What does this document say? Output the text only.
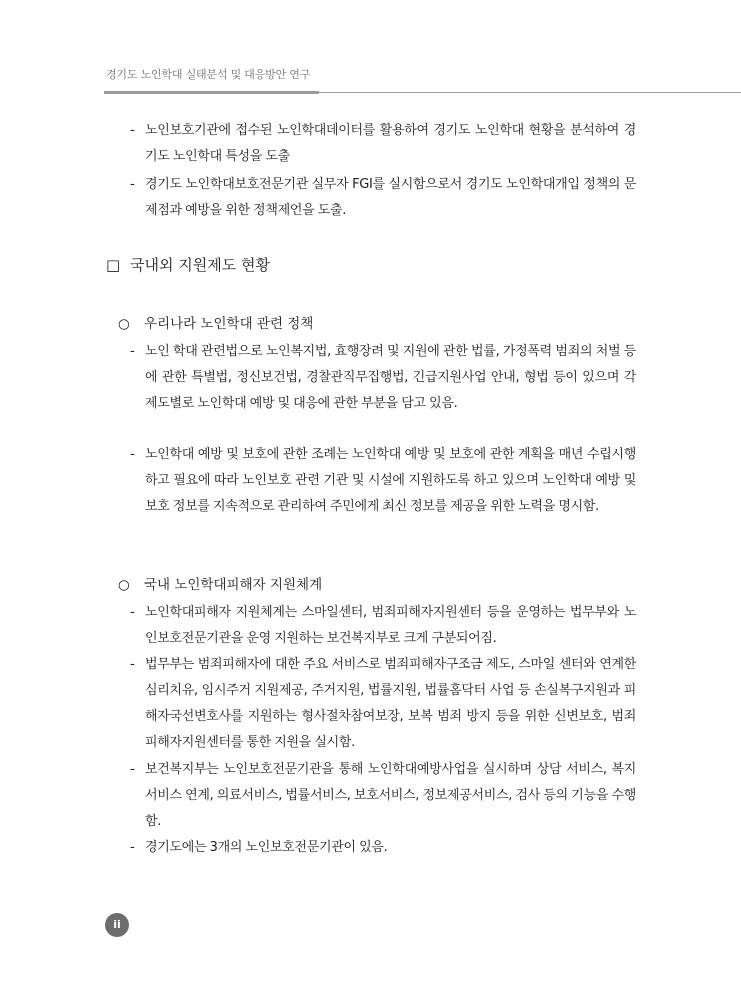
경기도 노인학대 실태분석 및 대응방안 연구
- 노인보호기관에 접수된 노인학대데이터를 활용하여 경기도 노인학대 현황을 분석하여 경기도 노인학대 특성을 도출
- 경기도 노인학대보호전문기관 실무자 FGI를 실시함으로서 경기도 노인학대개입 정책의 문제점과 예방을 위한 정책제언을 도출.
□ 국내외 지원제도 현황
○ 우리나라 노인학대 관련 정책
- 노인 학대 관련법으로 노인복지법, 효행장려 및 지원에 관한 법률, 가정폭력 범죄의 처벌 등에 관한 특별법, 정신보건법, 경찰관직무집행법, 긴급지원사업 안내, 형법 등이 있으며 각 제도별로 노인학대 예방 및 대응에 관한 부분을 담고 있음.
- 노인학대 예방 및 보호에 관한 조례는 노인학대 예방 및 보호에 관한 계획을 매년 수립시행하고 필요에 따라 노인보호 관련 기관 및 시설에 지원하도록 하고 있으며 노인학대 예방 및 보호 정보를 지속적으로 관리하여 주민에게 최신 정보를 제공을 위한 노력을 명시함.
○ 국내 노인학대피해자 지원체계
- 노인학대피해자 지원체계는 스마일센터, 범죄피해자지원센터 등을 운영하는 법무부와 노인보호전문기관을 운영 지원하는 보건복지부로 크게 구분되어짐.
- 법무부는 범죄피해자에 대한 주요 서비스로 범죄피해자구조금 제도, 스마일 센터와 연계한 심리치유, 임시주거 지원제공, 주거지원, 법률지원, 법률홈닥터 사업 등 손실복구지원과 피해자국선변호사를 지원하는 형사절차참여보장, 보복 범죄 방지 등을 위한 신변보호, 범죄피해자지원센터를 통한 지원을 실시함.
- 보건복지부는 노인보호전문기관을 통해 노인학대예방사업을 실시하며 상담 서비스, 복지서비스 연계, 의료서비스, 법률서비스, 보호서비스, 정보제공서비스, 검사 등의 기능을 수행함.
- 경기도에는 3개의 노인보호전문기관이 있음.
ii
